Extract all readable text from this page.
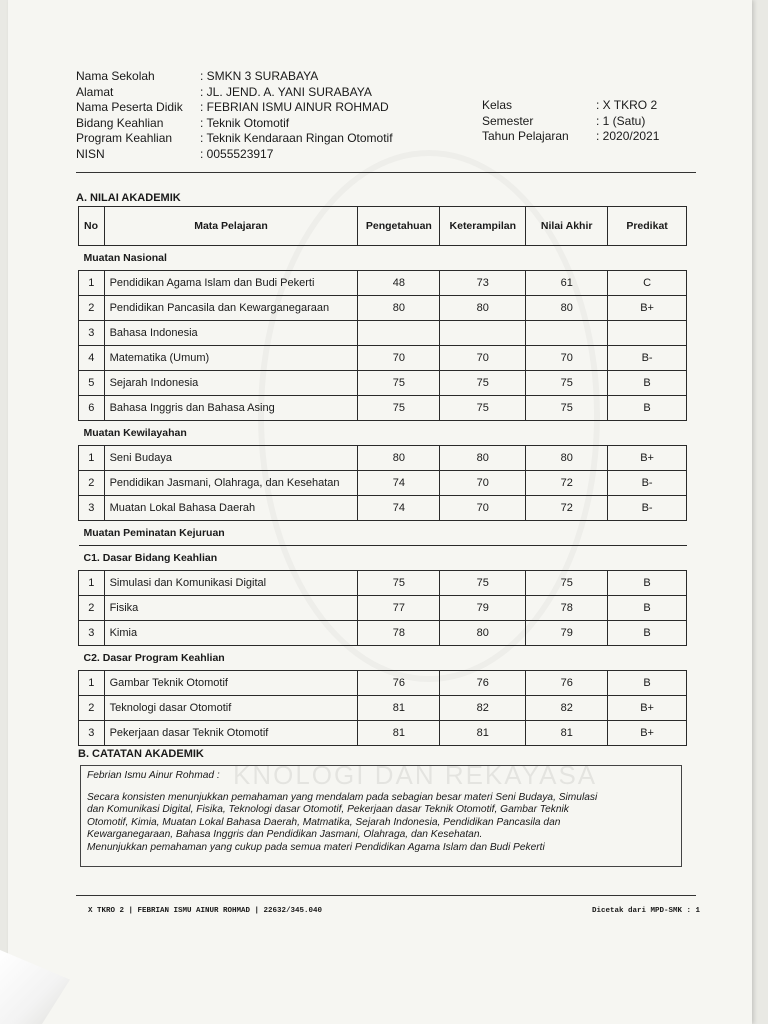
KNOLOGI DAN REKAYASA
Nama Sekolah	: SMKN 3 SURABAYA
Alamat	: JL. JEND. A. YANI SURABAYA
Nama Peserta Didik	: FEBRIAN ISMU AINUR ROHMAD
Bidang Keahlian	: Teknik Otomotif
Program Keahlian	: Teknik Kendaraan Ringan Otomotif
NISN	: 0055523917
Kelas	: X TKRO 2
Semester	: 1 (Satu)
Tahun Pelajaran	: 2020/2021
A. NILAI AKADEMIK
No	Mata Pelajaran	Pengetahuan	Keterampilan	Nilai Akhir	Predikat
Muatan Nasional					
1	Pendidikan Agama Islam dan Budi Pekerti	48	73	61	C
2	Pendidikan Pancasila dan Kewarganegaraan	80	80	80	B+
3	Bahasa Indonesia				
4	Matematika (Umum)	70	70	70	B-
5	Sejarah Indonesia	75	75	75	B
6	Bahasa Inggris dan Bahasa Asing	75	75	75	B
Muatan Kewilayahan					
1	Seni Budaya	80	80	80	B+
2	Pendidikan Jasmani, Olahraga, dan Kesehatan	74	70	72	B-
3	Muatan Lokal Bahasa Daerah	74	70	72	B-
Muatan Peminatan Kejuruan					
C1. Dasar Bidang Keahlian					
1	Simulasi dan Komunikasi Digital	75	75	75	B
2	Fisika	77	79	78	B
3	Kimia	78	80	79	B
C2. Dasar Program Keahlian					
1	Gambar Teknik Otomotif	76	76	76	B
2	Teknologi dasar Otomotif	81	82	82	B+
3	Pekerjaan dasar Teknik Otomotif	81	81	81	B+
B. CATATAN AKADEMIK
Febrian Ismu Ainur Rohmad :
Secara konsisten menunjukkan pemahaman yang mendalam pada sebagian besar materi Seni Budaya, Simulasi
dan Komunikasi Digital, Fisika, Teknologi dasar Otomotif, Pekerjaan dasar Teknik Otomotif, Gambar Teknik
Otomotif, Kimia, Muatan Lokal Bahasa Daerah, Matmatika, Sejarah Indonesia, Pendidikan Pancasila dan
Kewarganegaraan, Bahasa Inggris dan Pendidikan Jasmani, Olahraga, dan Kesehatan.
Menunjukkan pemahaman yang cukup pada semua materi Pendidikan Agama Islam dan Budi Pekerti
X TKRO 2 | FEBRIAN ISMU AINUR ROHMAD | 22632/345.040	Dicetak dari MPD-SMK : 1
